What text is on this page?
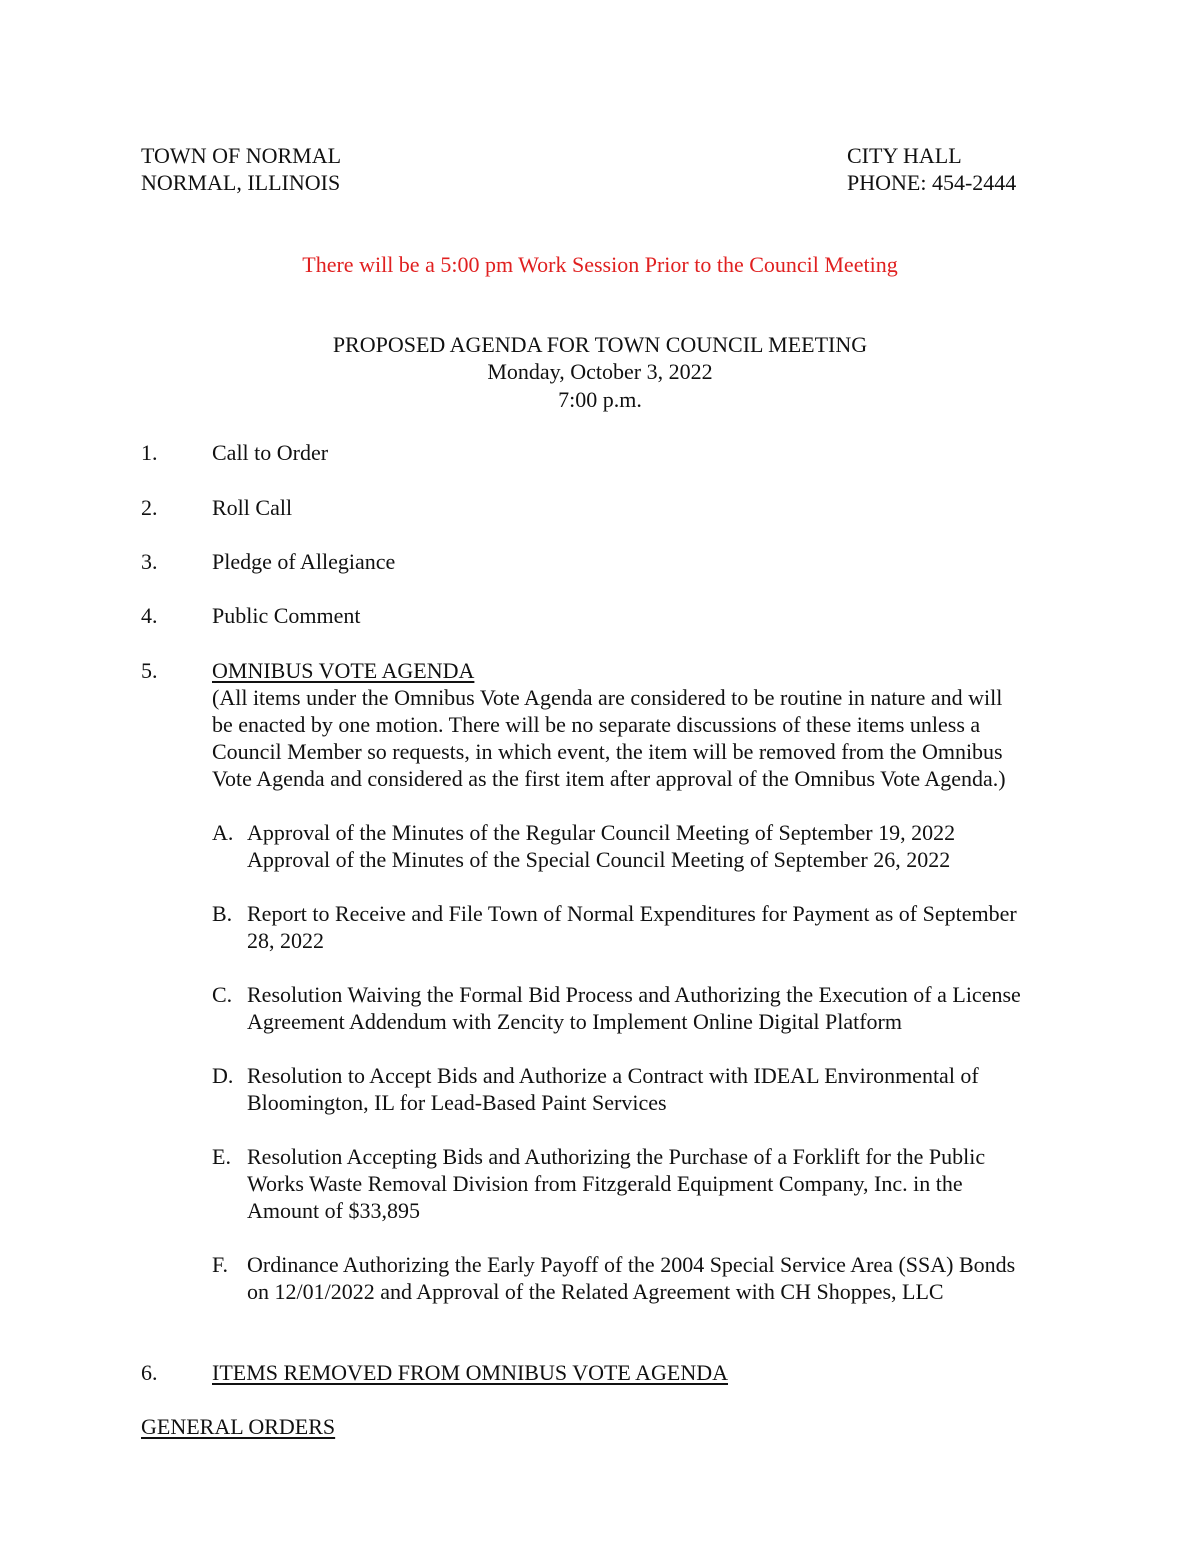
TOWN OF NORMAL
NORMAL, ILLINOIS
CITY HALL
PHONE: 454-2444
There will be a 5:00 pm Work Session Prior to the Council Meeting
PROPOSED AGENDA FOR TOWN COUNCIL MEETING
Monday, October 3, 2022
7:00 p.m.
1. Call to Order
2. Roll Call
3. Pledge of Allegiance
4. Public Comment
5. OMNIBUS VOTE AGENDA
(All items under the Omnibus Vote Agenda are considered to be routine in nature and will
be enacted by one motion. There will be no separate discussions of these items unless a
Council Member so requests, in which event, the item will be removed from the Omnibus
Vote Agenda and considered as the first item after approval of the Omnibus Vote Agenda.)
A. Approval of the Minutes of the Regular Council Meeting of September 19, 2022
Approval of the Minutes of the Special Council Meeting of September 26, 2022
B. Report to Receive and File Town of Normal Expenditures for Payment as of September
28, 2022
C. Resolution Waiving the Formal Bid Process and Authorizing the Execution of a License
Agreement Addendum with Zencity to Implement Online Digital Platform
D. Resolution to Accept Bids and Authorize a Contract with IDEAL Environmental of
Bloomington, IL for Lead-Based Paint Services
E. Resolution Accepting Bids and Authorizing the Purchase of a Forklift for the Public
Works Waste Removal Division from Fitzgerald Equipment Company, Inc. in the
Amount of $33,895
F. Ordinance Authorizing the Early Payoff of the 2004 Special Service Area (SSA) Bonds
on 12/01/2022 and Approval of the Related Agreement with CH Shoppes, LLC
6. ITEMS REMOVED FROM OMNIBUS VOTE AGENDA
GENERAL ORDERS
